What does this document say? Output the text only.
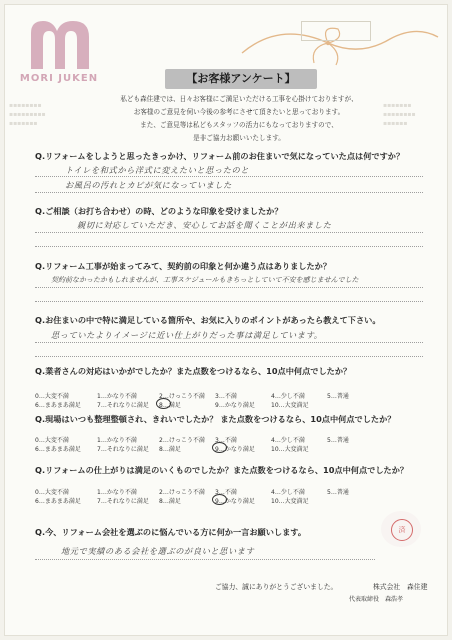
▪▪▪▪▪▪▪▪
▪▪▪▪▪▪▪▪▪
▪▪▪▪▪▪▪
▪▪▪▪▪▪▪
▪▪▪▪▪▪▪▪
▪▪▪▪▪▪
MORI JUKEN	【お客様アンケート】
私ども森住建では、日々お客様にご満足いただける工事を心掛けておりますが、
お客様のご意見を伺い今後の参考にさせて頂きたいと思っております。
また、ご意見等は私どもスタッフの活力にもなっておりますので、
是非ご協力お願いいたします。
Q.リフォームをしようと思ったきっかけ、リフォーム前のお住まいで気になっていた点は何ですか？
トイレを和式から洋式に変えたいと思ったのと
お風呂の汚れとカビが気になっていました
Q.ご相談（お打ち合わせ）の時、どのような印象を受けましたか？
親切に対応していただき、安心してお話を聞くことが出来ました
Q.リフォーム工事が始まってみて、契約前の印象と何か違う点はありましたか？
契約前なかったかもしれませんが、工事スケジュールもきちっとしていて不安を感じませんでした
Q.お住まいの中で特に満足している箇所や、お気に入りのポイントがあったら教えて下さい。
思っていたよりイメージに近い仕上がりだった事は満足しています。
Q.業者さんの対応はいかがでしたか？また点数をつけるなら、10点中何点でしたか？
0…大変不満	1…かなり不満	2…けっこう不満 3…不満	4…少し不満	5…普通
6…まあまあ満足	7…それなりに満足 8…満足	9…かなり満足	10…大変満足
Q.現場はいつも整理整頓され、きれいでしたか？ また点数をつけるなら、10点中何点でしたか？
0…大変不満	1…かなり不満	2…けっこう不満 3…不満	4…少し不満	5…普通
6…まあまあ満足	7…それなりに満足 8…満足	9…かなり満足	10…大変満足
Q.リフォームの仕上がりは満足のいくものでしたか？また点数をつけるなら、10点中何点でしたか？
0…大変不満	1…かなり不満	2…けっこう不満 3…不満	4…少し不満	5…普通
6…まあまあ満足	7…それなりに満足 8…満足	9…かなり満足	10…大変満足
Q.今、リフォーム会社を選ぶのに悩んでいる方に何か一言お願いします。
地元で実績のある会社を選ぶのが良いと思います
済
ご協力、誠にありがとうございました。	株式会社　森住建
代表取締役 森浩孝
